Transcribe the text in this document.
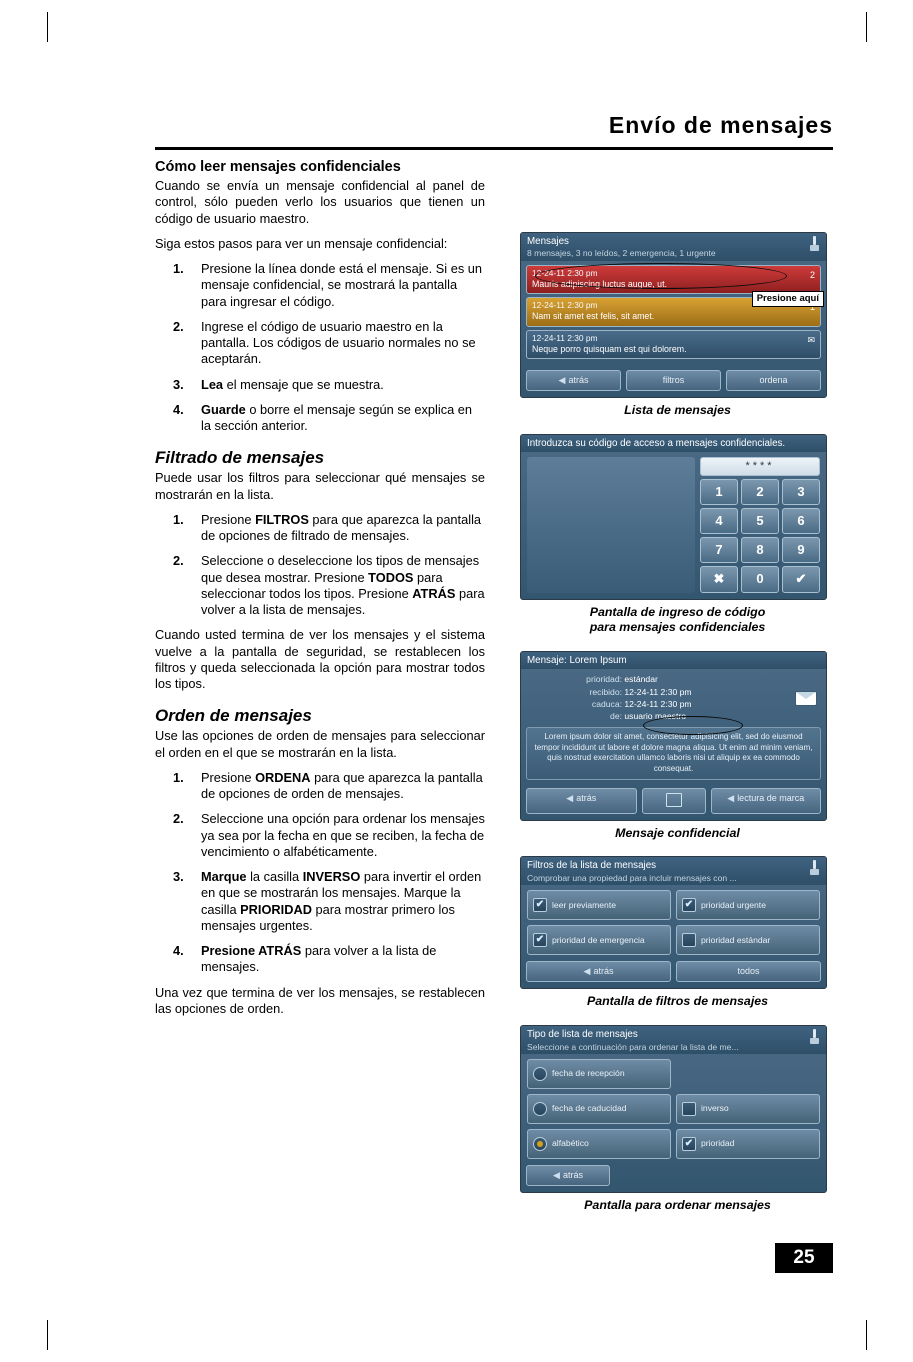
Envío de mensajes
Cómo leer mensajes confidenciales

Cuando se envía un mensaje confidencial al panel de control, sólo pueden verlo los usuarios que tienen un código de usuario maestro.

Siga estos pasos para ver un mensaje confidencial:

1. Presione la línea donde está el mensaje. Si es un mensaje confidencial, se mostrará la pantalla para ingresar el código.
2. Ingrese el código de usuario maestro en la pantalla. Los códigos de usuario normales no se aceptarán.
3. Lea el mensaje que se muestra.
4. Guarde o borre el mensaje según se explica en la sección anterior.
Filtrado de mensajes

Puede usar los filtros para seleccionar qué mensajes se mostrarán en la lista.

1. Presione FILTROS para que aparezca la pantalla de opciones de filtrado de mensajes.
2. Seleccione o deseleccione los tipos de mensajes que desea mostrar. Presione TODOS para seleccionar todos los tipos. Presione ATRÁS para volver a la lista de mensajes.

Cuando usted termina de ver los mensajes y el sistema vuelve a la pantalla de seguridad, se restablecen los filtros y queda seleccionada la opción para mostrar todos los tipos.

Orden de mensajes

Use las opciones de orden de mensajes para seleccionar el orden en el que se mostrarán en la lista.

1. Presione ORDENA para que aparezca la pantalla de opciones de orden de mensajes.
2. Seleccione una opción para ordenar los mensajes ya sea por la fecha en que se reciben, la fecha de vencimiento o alfabéticamente.
3. Marque la casilla INVERSO para invertir el orden en que se mostrarán los mensajes. Marque la casilla PRIORIDAD para mostrar primero los mensajes urgentes.
4. Presione ATRÁS para volver a la lista de mensajes.

Una vez que termina de ver los mensajes, se restablecen las opciones de orden.

Mensajes
8 mensajes, 3 no leídos, 2 emergencia, 1 urgente
12-24-11 2:30 pm
Mauris adipiscing luctus augue, ut.
2
12-24-11 2:30 pm
Nam sit amet est felis, sit amet.
12-24-11 2:30 pm
Neque porro quisquam est qui dolorem.
✉
◀ atrás	filtros	ordena
Presione aquí
Lista de mensajes
Introduzca su código de acceso a mensajes confidenciales.
****
1	2	3
4	5	6
7	8	9
✖	0	✔
Pantalla de ingreso de código
para mensajes confidenciales
Mensaje: Lorem Ipsum
prioridad: estándar
recibido: 12-24-11 2:30 pm
caduca: 12-24-11 2:30 pm
de: usuario maestro
Lorem ipsum dolor sit amet, consectetur adipisicing elit, sed do eiusmod tempor incididunt ut labore et dolore magna aliqua. Ut enim ad minim veniam, quis nostrud exercitation ullamco laboris nisi ut aliquip ex ea commodo consequat.
◀ atrás	◀ lectura de marca
Mensaje confidencial
Filtros de la lista de mensajes
Comprobar una propiedad para incluir mensajes con ...
✔ leer previamente	✔ prioridad urgente
✔ prioridad de emergencia	prioridad estándar
◀ atrás	todos
Pantalla de filtros de mensajes
Tipo de lista de mensajes
Seleccione a continuación para ordenar la lista de me...
fecha de recepción
fecha de caducidad	inverso
alfabético	✔ prioridad
◀ atrás
Pantalla para ordenar mensajes
25
